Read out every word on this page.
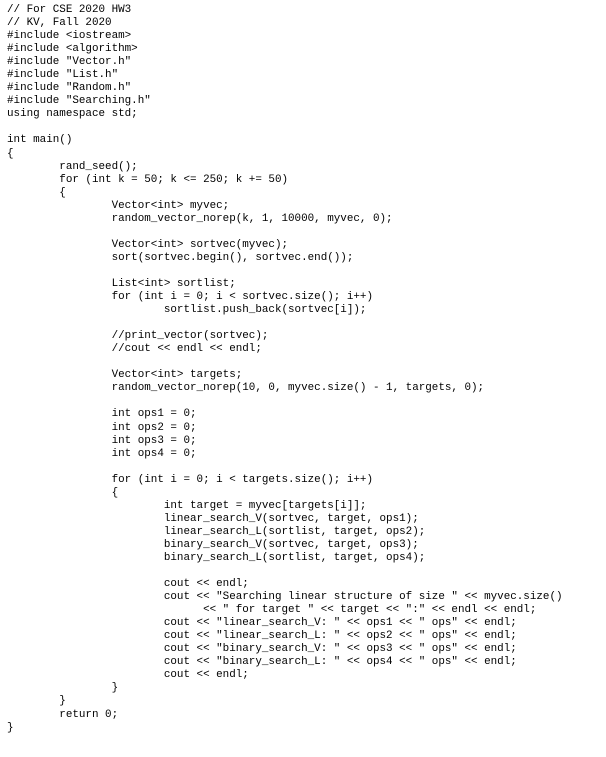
// For CSE 2020 HW3
// KV, Fall 2020
#include <iostream>
#include <algorithm>
#include "Vector.h"
#include "List.h"
#include "Random.h"
#include "Searching.h"
using namespace std;
int main()
{
rand_seed();
for (int k = 50; k <= 250; k += 50)
{
Vector<int> myvec;
random_vector_norep(k, 1, 10000, myvec, 0);
Vector<int> sortvec(myvec);
sort(sortvec.begin(), sortvec.end());
List<int> sortlist;
for (int i = 0; i < sortvec.size(); i++)
sortlist.push_back(sortvec[i]);
//print_vector(sortvec);
//cout << endl << endl;
Vector<int> targets;
random_vector_norep(10, 0, myvec.size() - 1, targets, 0);
int ops1 = 0;
int ops2 = 0;
int ops3 = 0;
int ops4 = 0;
for (int i = 0; i < targets.size(); i++)
{
int target = myvec[targets[i]];
linear_search_V(sortvec, target, ops1);
linear_search_L(sortlist, target, ops2);
binary_search_V(sortvec, target, ops3);
binary_search_L(sortlist, target, ops4);
cout << endl;
cout << "Searching linear structure of size " << myvec.size()
<< " for target " << target << ":" << endl << endl;
cout << "linear_search_V: " << ops1 << " ops" << endl;
cout << "linear_search_L: " << ops2 << " ops" << endl;
cout << "binary_search_V: " << ops3 << " ops" << endl;
cout << "binary_search_L: " << ops4 << " ops" << endl;
cout << endl;
}
}
return 0;
}
